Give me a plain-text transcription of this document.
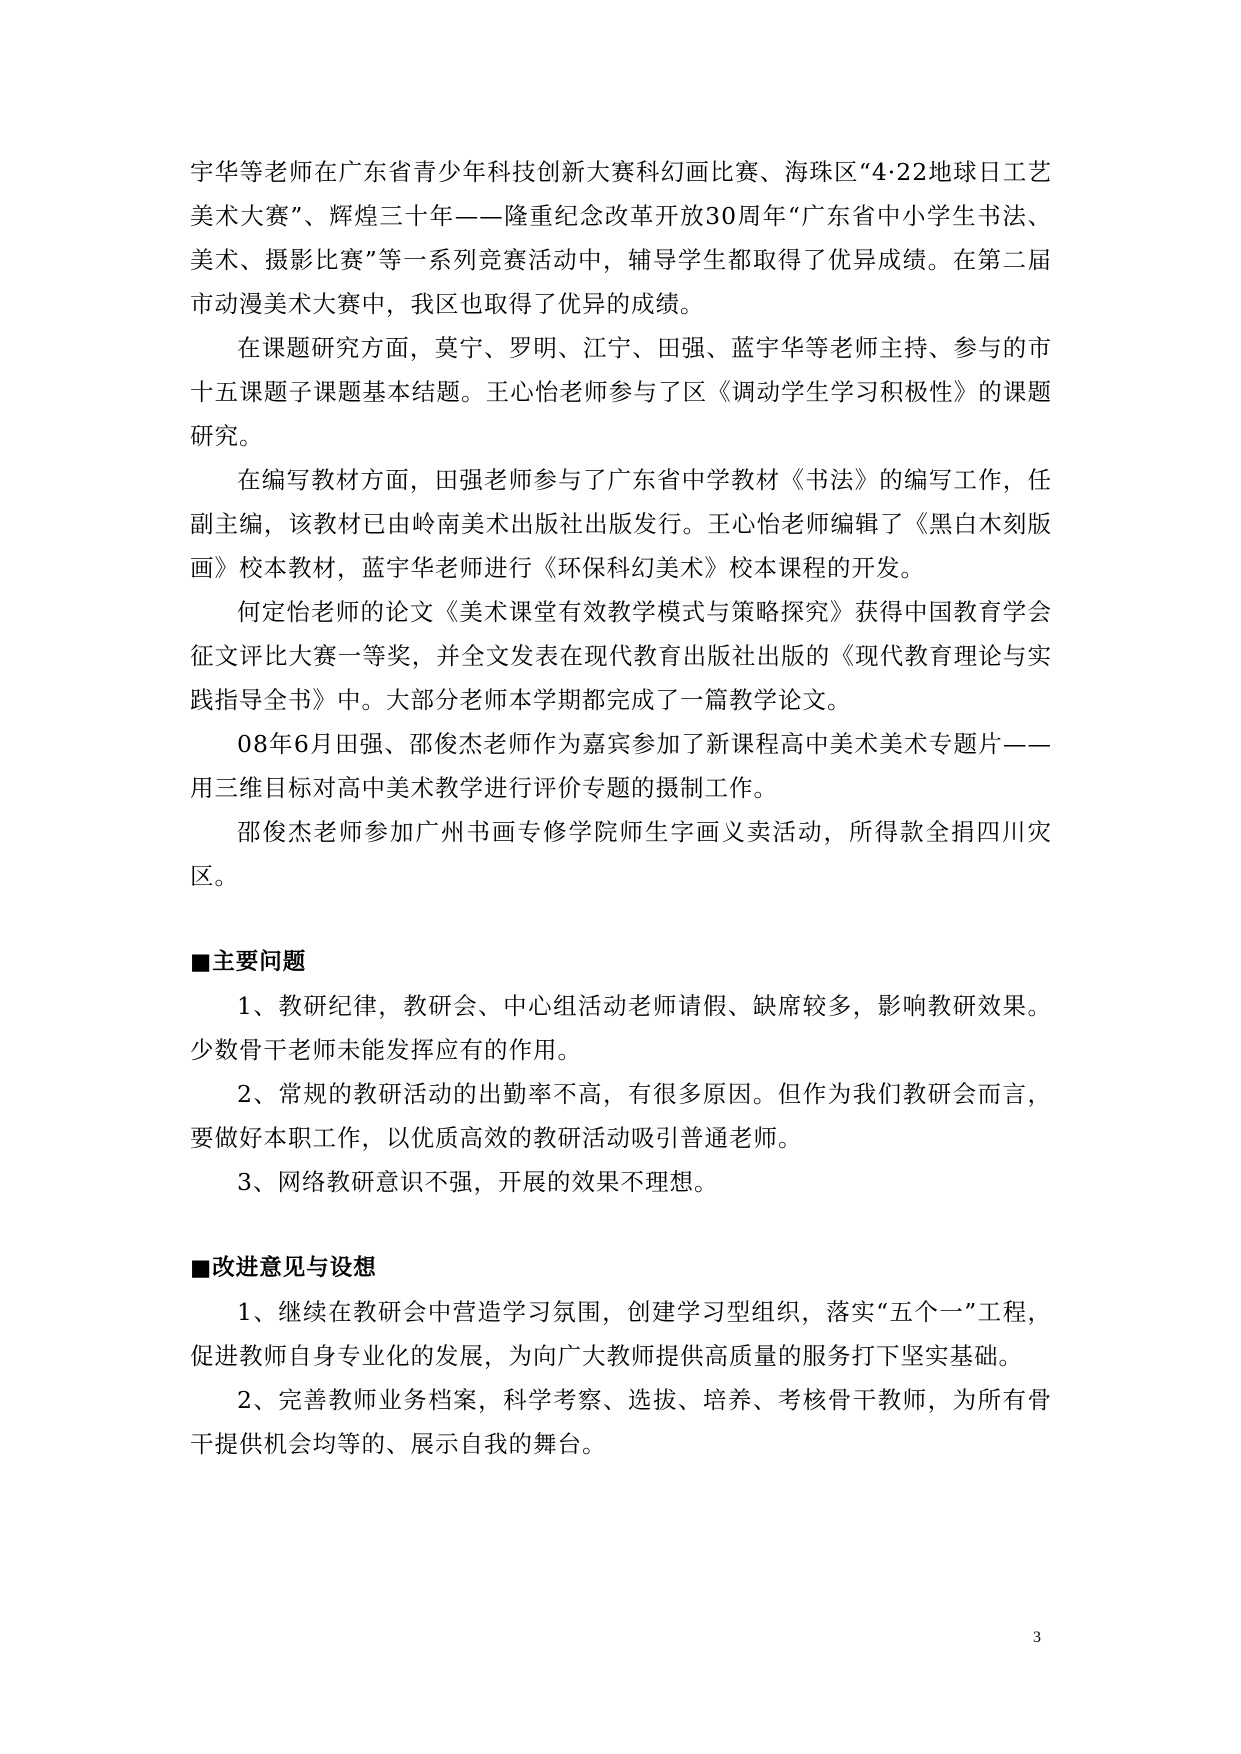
宇华等老师在广东省青少年科技创新大赛科幻画比赛、海珠区“4·22地球日工艺美术大赛”、辉煌三十年——隆重纪念改革开放30周年“广东省中小学生书法、美术、摄影比赛”等一系列竞赛活动中，辅导学生都取得了优异成绩。在第二届市动漫美术大赛中，我区也取得了优异的成绩。

在课题研究方面，莫宁、罗明、江宁、田强、蓝宇华等老师主持、参与的市十五课题子课题基本结题。王心怡老师参与了区《调动学生学习积极性》的课题研究。

在编写教材方面，田强老师参与了广东省中学教材《书法》的编写工作，任副主编，该教材已由岭南美术出版社出版发行。王心怡老师编辑了《黑白木刻版画》校本教材，蓝宇华老师进行《环保科幻美术》校本课程的开发。

何定怡老师的论文《美术课堂有效教学模式与策略探究》获得中国教育学会征文评比大赛一等奖，并全文发表在现代教育出版社出版的《现代教育理论与实践指导全书》中。大部分老师本学期都完成了一篇教学论文。

08年6月田强、邵俊杰老师作为嘉宾参加了新课程高中美术美术专题片——用三维目标对高中美术教学进行评价专题的摄制工作。

邵俊杰老师参加广州书画专修学院师生字画义卖活动，所得款全捐四川灾区。

■主要问题

1、教研纪律，教研会、中心组活动老师请假、缺席较多，影响教研效果。少数骨干老师未能发挥应有的作用。

2、常规的教研活动的出勤率不高，有很多原因。但作为我们教研会而言，要做好本职工作，以优质高效的教研活动吸引普通老师。

3、网络教研意识不强，开展的效果不理想。

■改进意见与设想

1、继续在教研会中营造学习氛围，创建学习型组织，落实“五个一”工程，促进教师自身专业化的发展，为向广大教师提供高质量的服务打下坚实基础。

2、完善教师业务档案，科学考察、选拔、培养、考核骨干教师，为所有骨干提供机会均等的、展示自我的舞台。

3
